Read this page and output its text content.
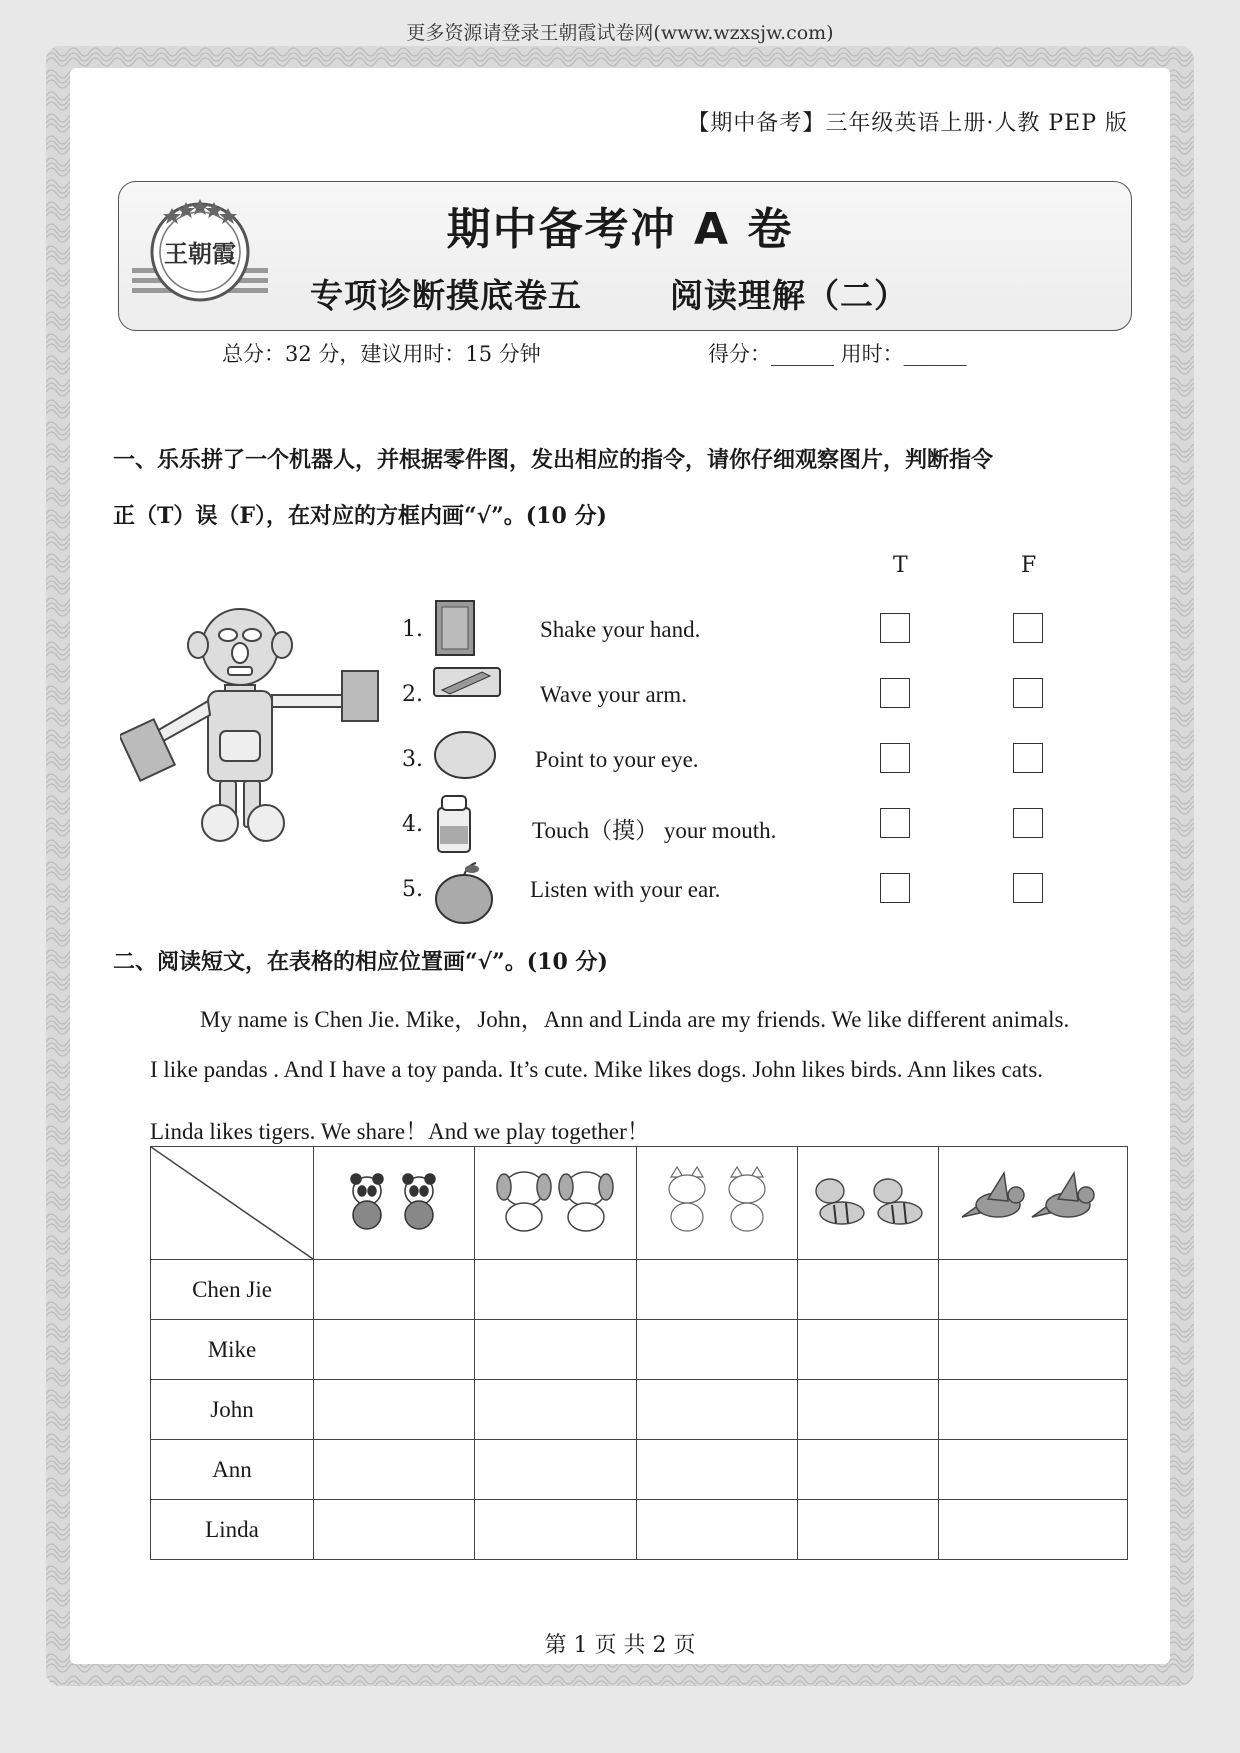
更多资源请登录王朝霞试卷网(www.wzxsjw.com)
【期中备考】三年级英语上册·人教 PEP 版
王朝霞	期中备考冲 A 卷
专项诊断摸底卷五	阅读理解（二）
总分：32 分，建议用时：15 分钟	得分：______ 用时：______
一、乐乐拼了一个机器人，并根据零件图，发出相应的指令，请你仔细观察图片，判断指令
正（T）误（F），在对应的方框内画“√”。(10 分)
T	F
1.	Shake your hand.
2.	Wave your arm.
3.	Point to your eye.
4.	Touch（摸） your mouth.
5.	Listen with your ear.
二、阅读短文，在表格的相应位置画“√”。(10 分)
My name is Chen Jie. Mike，John，Ann and Linda are my friends. We like different animals.
I like pandas . And I have a toy panda. It’s cute. Mike likes dogs. John likes birds. Ann likes cats.
Linda likes tigers. We share！And we play together！

Chen Jie					
Mike					
John					
Ann					
Linda					
第 1 页 共 2 页
